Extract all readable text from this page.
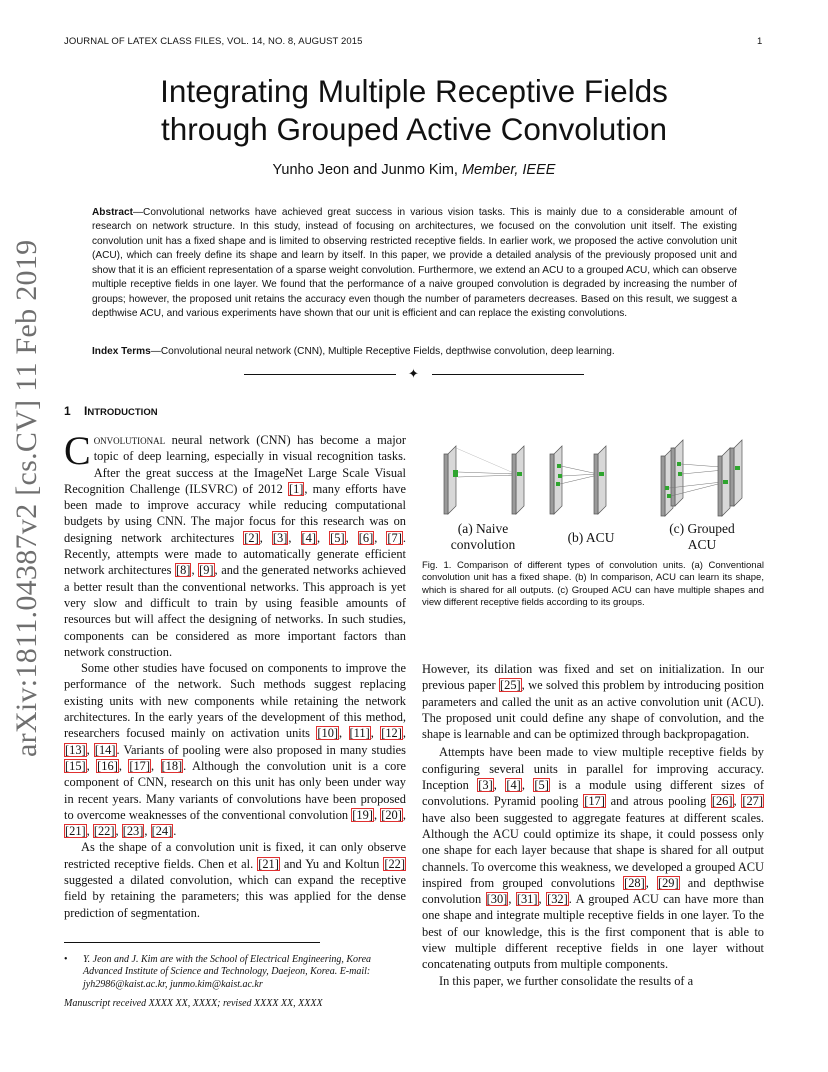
JOURNAL OF LATEX CLASS FILES, VOL. 14, NO. 8, AUGUST 2015	1
arXiv:1811.04387v2 [cs.CV] 11 Feb 2019
Integrating Multiple Receptive Fields
through Grouped Active Convolution
Yunho Jeon and Junmo Kim, Member, IEEE

Abstract—Convolutional networks have achieved great success in various vision tasks. This is mainly due to a considerable amount of research on network structure. In this study, instead of focusing on architectures, we focused on the convolution unit itself. The existing convolution unit has a fixed shape and is limited to observing restricted receptive fields. In earlier work, we proposed the active convolution unit (ACU), which can freely define its shape and learn by itself. In this paper, we provide a detailed analysis of the previously proposed unit and show that it is an efficient representation of a sparse weight convolution. Furthermore, we extend an ACU to a grouped ACU, which can observe multiple receptive fields in one layer. We found that the performance of a naive grouped convolution is degraded by increasing the number of groups; however, the proposed unit retains the accuracy even though the number of parameters decreases. Based on this result, we suggest a depthwise ACU, and various experiments have shown that our unit is efficient and can replace the existing convolutions.

Index Terms—Convolutional neural network (CNN), Multiple Receptive Fields, depthwise convolution, deep learning.

✦
1 INTRODUCTION

Convolutional neural network (CNN) has become a major topic of deep learning, especially in visual recognition tasks. After the great success at the ImageNet Large Scale Visual Recognition Challenge (ILSVRC) of 2012 [1], many efforts have been made to improve accuracy while reducing computational budgets by using CNN. The major focus for this research was on designing network architectures [2], [3], [4], [5], [6], [7]. Recently, attempts were made to automatically generate efficient network architectures [8], [9], and the generated networks achieved a better result than the conventional networks. This approach is yet very slow and difficult to train by using feasible amounts of resources but will affect the designing of networks. In such studies, components can be considered as more important factors than network construction.

Some other studies have focused on components to improve the performance of the network. Such methods suggest replacing existing units with new components while retaining the network architectures. In the early years of the development of this method, researchers focused mainly on activation units [10], [11], [12], [13], [14]. Variants of pooling were also proposed in many studies [15], [16], [17], [18]. Although the convolution unit is a core component of CNN, research on this unit has only been under way in recent years. Many variants of convolutions have been proposed to overcome weaknesses of the conventional convolution [19], [20], [21], [22], [23], [24].

As the shape of a convolution unit is fixed, it can only observe restricted receptive fields. Chen et al. [21] and Yu and Koltun [22] suggested a dilated convolution, which can expand the receptive field by retaining the parameters; this was applied for the dense prediction of segmentation.

• Y. Jeon and J. Kim are with the School of Electrical Engineering, Korea Advanced Institute of Science and Technology, Daejeon, Korea. E-mail: jyh2986@kaist.ac.kr, junmo.kim@kaist.ac.kr

Manuscript received XXXX XX, XXXX; revised XXXX XX, XXXX
(a) Naive
convolution	(b) ACU
(c) Grouped
ACU

Fig. 1. Comparison of different types of convolution units. (a) Conventional convolution unit has a fixed shape. (b) In comparison, ACU can learn its shape, which is shared for all outputs. (c) Grouped ACU can have multiple shapes and view different receptive fields according to its groups.

However, its dilation was fixed and set on initialization. In our previous paper [25], we solved this problem by introducing position parameters and called the unit as an active convolution unit (ACU). The proposed unit could define any shape of convolution, and the shape is learnable and can be optimized through backpropagation.

Attempts have been made to view multiple receptive fields by configuring several units in parallel for improving accuracy. Inception [3], [4], [5] is a module using different sizes of convolutions. Pyramid pooling [17] and atrous pooling [26], [27] have also been suggested to aggregate features at different scales. Although the ACU could optimize its shape, it could possess only one shape for each layer because that shape is shared for all output channels. To overcome this weakness, we developed a grouped ACU inspired from grouped convolutions [28], [29] and depthwise convolution [30], [31], [32]. A grouped ACU can have more than one shape and integrate multiple receptive fields in one layer. To the best of our knowledge, this is the first component that is able to view multiple different receptive fields in one layer without concatenating outputs from multiple components.

In this paper, we further consolidate the results of a
